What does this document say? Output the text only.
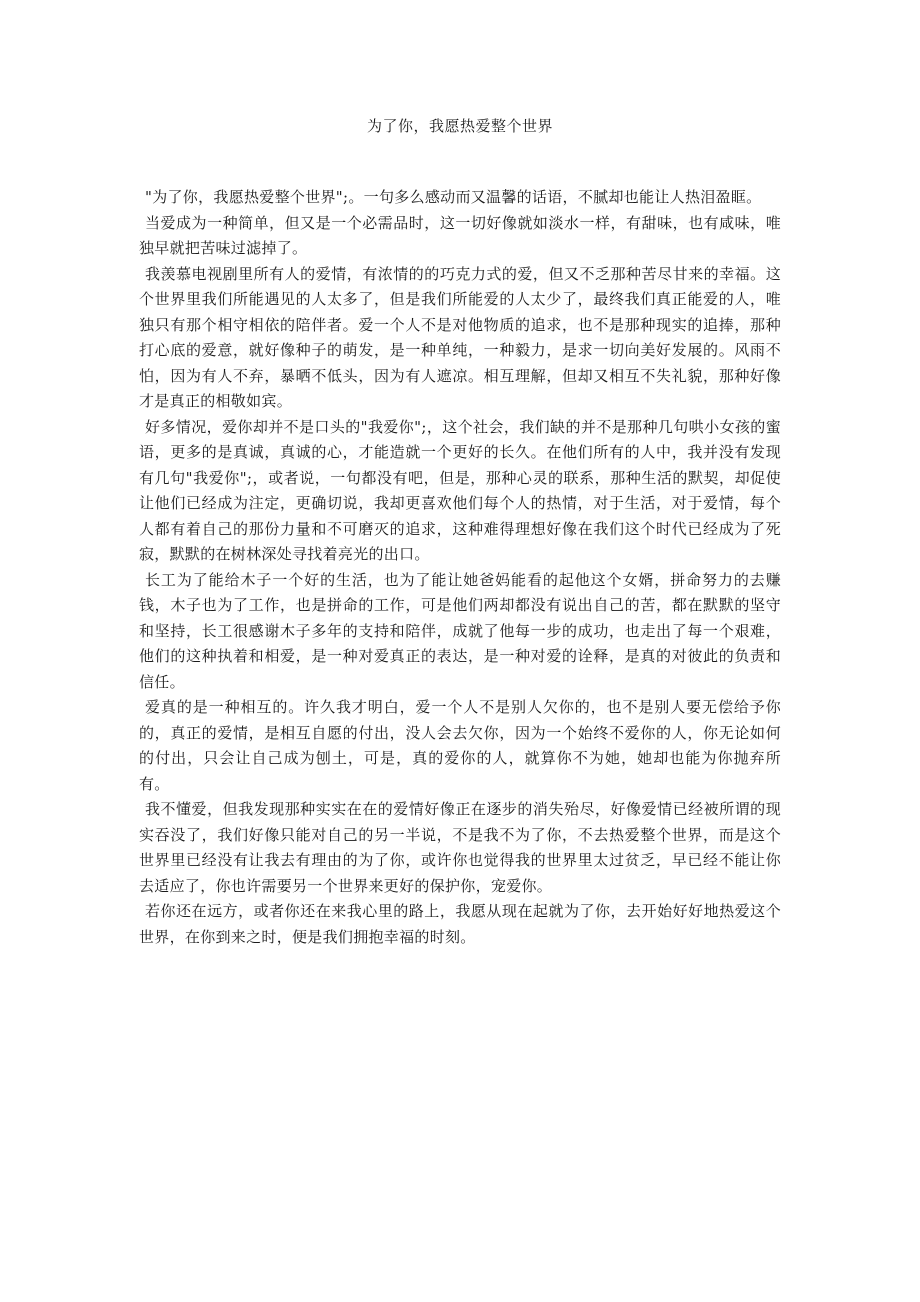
为了你，我愿热爱整个世界

"为了你，我愿热爱整个世界";。一句多么感动而又温馨的话语，不腻却也能让人热泪盈眶。

当爱成为一种简单，但又是一个必需品时，这一切好像就如淡水一样，有甜味，也有咸味，唯独早就把苦味过滤掉了。

我羡慕电视剧里所有人的爱情，有浓情的的巧克力式的爱，但又不乏那种苦尽甘来的幸福。这个世界里我们所能遇见的人太多了，但是我们所能爱的人太少了，最终我们真正能爱的人，唯独只有那个相守相依的陪伴者。爱一个人不是对他物质的追求，也不是那种现实的追捧，那种打心底的爱意，就好像种子的萌发，是一种单纯，一种毅力，是求一切向美好发展的。风雨不怕，因为有人不弃，暴晒不低头，因为有人遮凉。相互理解，但却又相互不失礼貌，那种好像才是真正的相敬如宾。

好多情况，爱你却并不是口头的"我爱你";，这个社会，我们缺的并不是那种几句哄小女孩的蜜语，更多的是真诚，真诚的心，才能造就一个更好的长久。在他们所有的人中，我并没有发现有几句"我爱你";，或者说，一句都没有吧，但是，那种心灵的联系，那种生活的默契，却促使让他们已经成为注定，更确切说，我却更喜欢他们每个人的热情，对于生活，对于爱情，每个人都有着自己的那份力量和不可磨灭的追求，这种难得理想好像在我们这个时代已经成为了死寂，默默的在树林深处寻找着亮光的出口。

长工为了能给木子一个好的生活，也为了能让她爸妈能看的起他这个女婿，拼命努力的去赚钱，木子也为了工作，也是拼命的工作，可是他们两却都没有说出自己的苦，都在默默的坚守和坚持，长工很感谢木子多年的支持和陪伴，成就了他每一步的成功，也走出了每一个艰难，他们的这种执着和相爱，是一种对爱真正的表达，是一种对爱的诠释，是真的对彼此的负责和信任。

爱真的是一种相互的。许久我才明白，爱一个人不是别人欠你的，也不是别人要无偿给予你的，真正的爱情，是相互自愿的付出，没人会去欠你，因为一个始终不爱你的人，你无论如何的付出，只会让自己成为刨土，可是，真的爱你的人，就算你不为她，她却也能为你抛弃所有。

我不懂爱，但我发现那种实实在在的爱情好像正在逐步的消失殆尽，好像爱情已经被所谓的现实吞没了，我们好像只能对自己的另一半说，不是我不为了你，不去热爱整个世界，而是这个世界里已经没有让我去有理由的为了你，或许你也觉得我的世界里太过贫乏，早已经不能让你去适应了，你也许需要另一个世界来更好的保护你，宠爱你。

若你还在远方，或者你还在来我心里的路上，我愿从现在起就为了你，去开始好好地热爱这个世界，在你到来之时，便是我们拥抱幸福的时刻。
